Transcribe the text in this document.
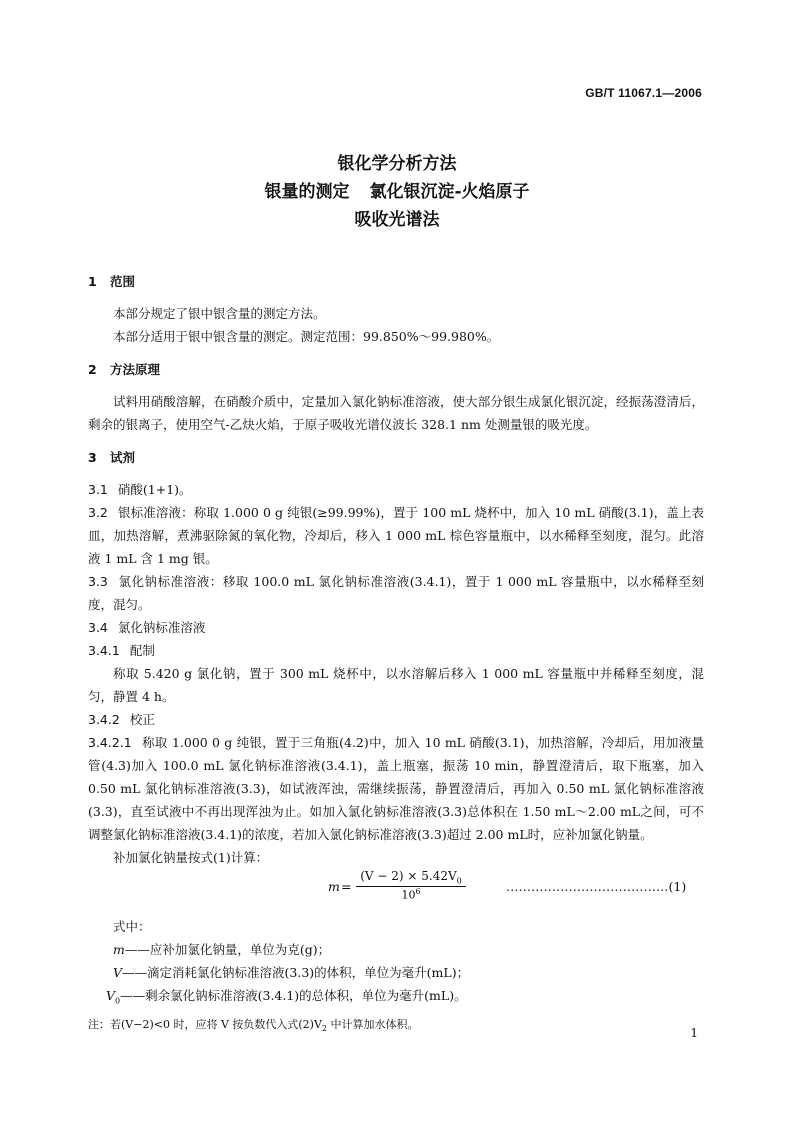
GB/T 11067.1—2006
银化学分析方法
银量的测定 氯化银沉淀-火焰原子
吸收光谱法
1 范围
本部分规定了银中银含量的测定方法。
本部分适用于银中银含量的测定。测定范围：99.850%～99.980%。
2 方法原理
试料用硝酸溶解，在硝酸介质中，定量加入氯化钠标准溶液，使大部分银生成氯化银沉淀，经振荡澄清后，剩余的银离子，使用空气-乙炔火焰，于原子吸收光谱仪波长 328.1 nm 处测量银的吸光度。
3 试剂
3.1 硝酸(1+1)。
3.2 银标准溶液：称取 1.000 0 g 纯银(≥99.99%)，置于 100 mL 烧杯中，加入 10 mL 硝酸(3.1)，盖上表皿，加热溶解，煮沸驱除氮的氧化物，冷却后，移入 1 000 mL 棕色容量瓶中，以水稀释至刻度，混匀。此溶液 1 mL 含 1 mg 银。
3.3 氯化钠标准溶液：移取 100.0 mL 氯化钠标准溶液(3.4.1)，置于 1 000 mL 容量瓶中，以水稀释至刻度，混匀。
3.4 氯化钠标准溶液
3.4.1 配制
称取 5.420 g 氯化钠，置于 300 mL 烧杯中，以水溶解后移入 1 000 mL 容量瓶中并稀释至刻度，混匀，静置 4 h。
3.4.2 校正
3.4.2.1 称取 1.000 0 g 纯银，置于三角瓶(4.2)中，加入 10 mL 硝酸(3.1)，加热溶解，冷却后，用加液量管(4.3)加入 100.0 mL 氯化钠标准溶液(3.4.1)，盖上瓶塞，振荡 10 min，静置澄清后，取下瓶塞，加入 0.50 mL 氯化钠标准溶液(3.3)，如试液浑浊，需继续振荡，静置澄清后，再加入 0.50 mL 氯化钠标准溶液(3.3)，直至试液中不再出现浑浊为止。如加入氯化钠标准溶液(3.3)总体积在 1.50 mL～2.00 mL之间，可不调整氯化钠标准溶液(3.4.1)的浓度，若加入氯化钠标准溶液(3.3)超过 2.00 mL时，应补加氯化钠量。
补加氯化钠量按式(1)计算：
$m = \frac{(V - 2) \times 5.42V_0}{10^6}$	…………………………………(1)
式中：
m——应补加氯化钠量，单位为克(g)；
V——滴定消耗氯化钠标准溶液(3.3)的体积，单位为毫升(mL)；
$V_0——$剩余氯化钠标准溶液(3.4.1)的总体积，单位为毫升(mL)。
注：若(V−2)<0 时，应将 V 按负数代入式$(2)V_2$ 中计算加水体积。
1
